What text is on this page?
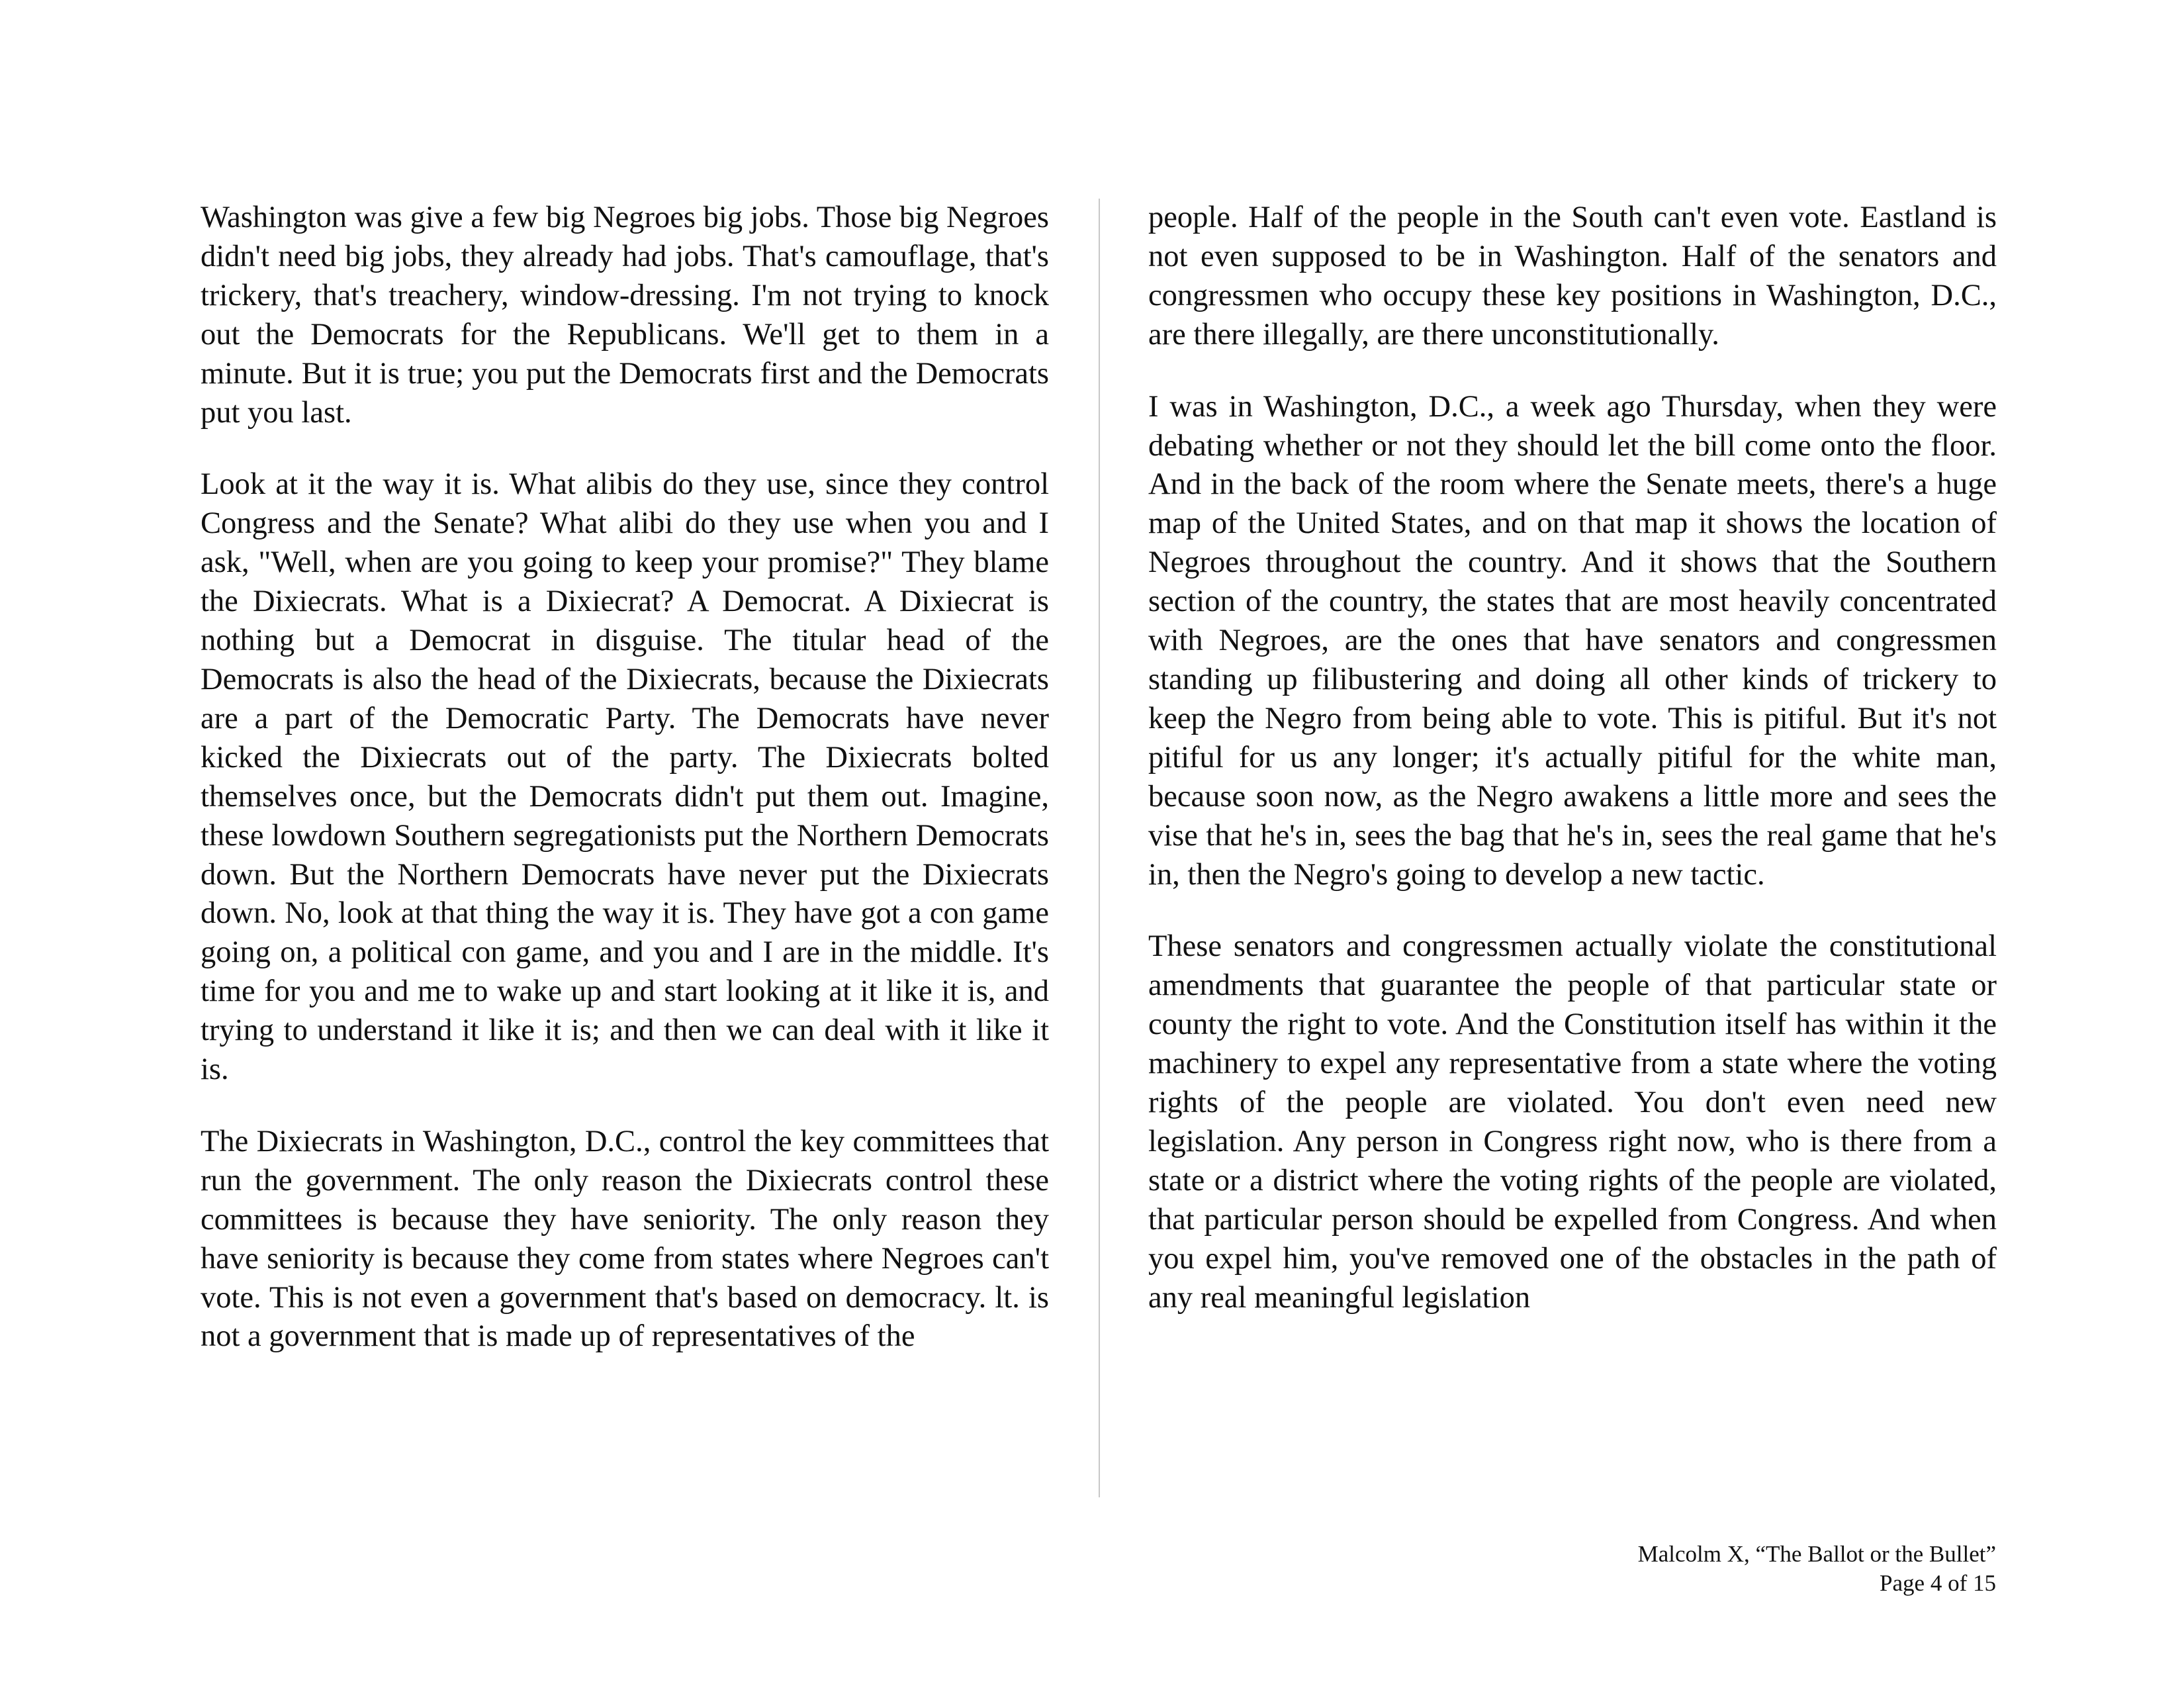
Washington was give a few big Negroes big jobs. Those big Negroes didn't need big jobs, they already had jobs. That's camouflage, that's trickery, that's treachery, window-dressing. I'm not trying to knock out the Democrats for the Republicans. We'll get to them in a minute. But it is true; you put the Democrats first and the Democrats put you last.

Look at it the way it is. What alibis do they use, since they control Congress and the Senate? What alibi do they use when you and I ask, "Well, when are you going to keep your promise?" They blame the Dixiecrats. What is a Dixiecrat? A Democrat. A Dixiecrat is nothing but a Democrat in disguise. The titular head of the Democrats is also the head of the Dixiecrats, because the Dixiecrats are a part of the Democratic Party. The Democrats have never kicked the Dixiecrats out of the party. The Dixiecrats bolted themselves once, but the Democrats didn't put them out. Imagine, these lowdown Southern segregationists put the Northern Democrats down. But the Northern Democrats have never put the Dixiecrats down. No, look at that thing the way it is. They have got a con game going on, a political con game, and you and I are in the middle. It's time for you and me to wake up and start looking at it like it is, and trying to understand it like it is; and then we can deal with it like it is.

The Dixiecrats in Washington, D.C., control the key committees that run the government. The only reason the Dixiecrats control these committees is because they have seniority. The only reason they have seniority is because they come from states where Negroes can't vote. This is not even a government that's based on democracy. lt. is not a government that is made up of representatives of the

people. Half of the people in the South can't even vote. Eastland is not even supposed to be in Washington. Half of the senators and congressmen who occupy these key positions in Washington, D.C., are there illegally, are there unconstitutionally.

I was in Washington, D.C., a week ago Thursday, when they were debating whether or not they should let the bill come onto the floor. And in the back of the room where the Senate meets, there's a huge map of the United States, and on that map it shows the location of Negroes throughout the country. And it shows that the Southern section of the country, the states that are most heavily concentrated with Negroes, are the ones that have senators and congressmen standing up filibustering and doing all other kinds of trickery to keep the Negro from being able to vote. This is pitiful. But it's not pitiful for us any longer; it's actually pitiful for the white man, because soon now, as the Negro awakens a little more and sees the vise that he's in, sees the bag that he's in, sees the real game that he's in, then the Negro's going to develop a new tactic.

These senators and congressmen actually violate the constitutional amendments that guarantee the people of that particular state or county the right to vote. And the Constitution itself has within it the machinery to expel any representative from a state where the voting rights of the people are violated. You don't even need new legislation. Any person in Congress right now, who is there from a state or a district where the voting rights of the people are violated, that particular person should be expelled from Congress. And when you expel him, you've removed one of the obstacles in the path of any real meaningful legislation

Malcolm X, “The Ballot or the Bullet”
Page 4 of 15
